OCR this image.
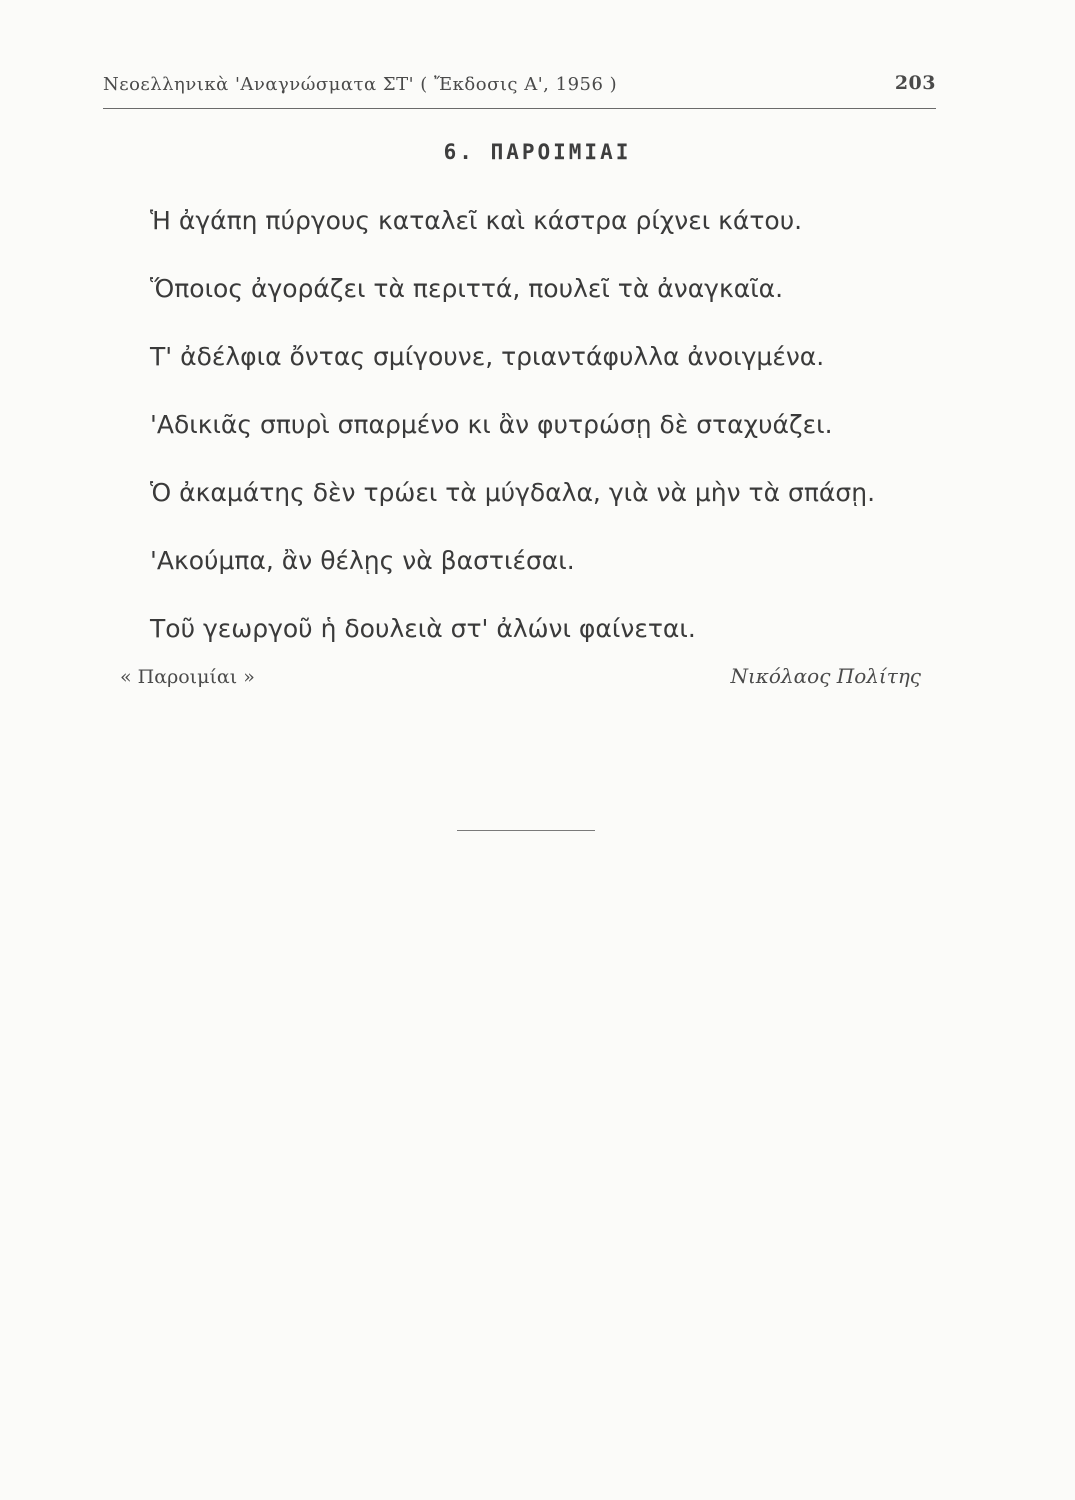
Νεοελληνικὰ 'Αναγνώσματα ΣΤ' ( Ἔκδοσις Α', 1956 )	203
6. ΠΑΡΟΙΜΙΑΙ
Ἡ ἀγάπη πύργους καταλεῖ καὶ κάστρα ρίχνει κάτου.
Ὅποιος ἀγοράζει τὰ περιττά, πουλεῖ τὰ ἀναγκαῖα.
Τ' ἀδέλφια ὄντας σμίγουνε, τριαντάφυλλα ἀνοιγμένα.
'Αδικιᾶς σπυρὶ σπαρμένο κι ἂν φυτρώσῃ δὲ σταχυάζει.
Ὁ ἀκαμάτης δὲν τρώει τὰ μύγδαλα, γιὰ νὰ μὴν τὰ σπάσῃ.
'Ακούμπα, ἂν θέλῃς νὰ βαστιέσαι.
Τοῦ γεωργοῦ ἡ δουλειὰ στ' ἀλώνι φαίνεται.
« Παροιμίαι »	Νικόλαος Πολίτης
